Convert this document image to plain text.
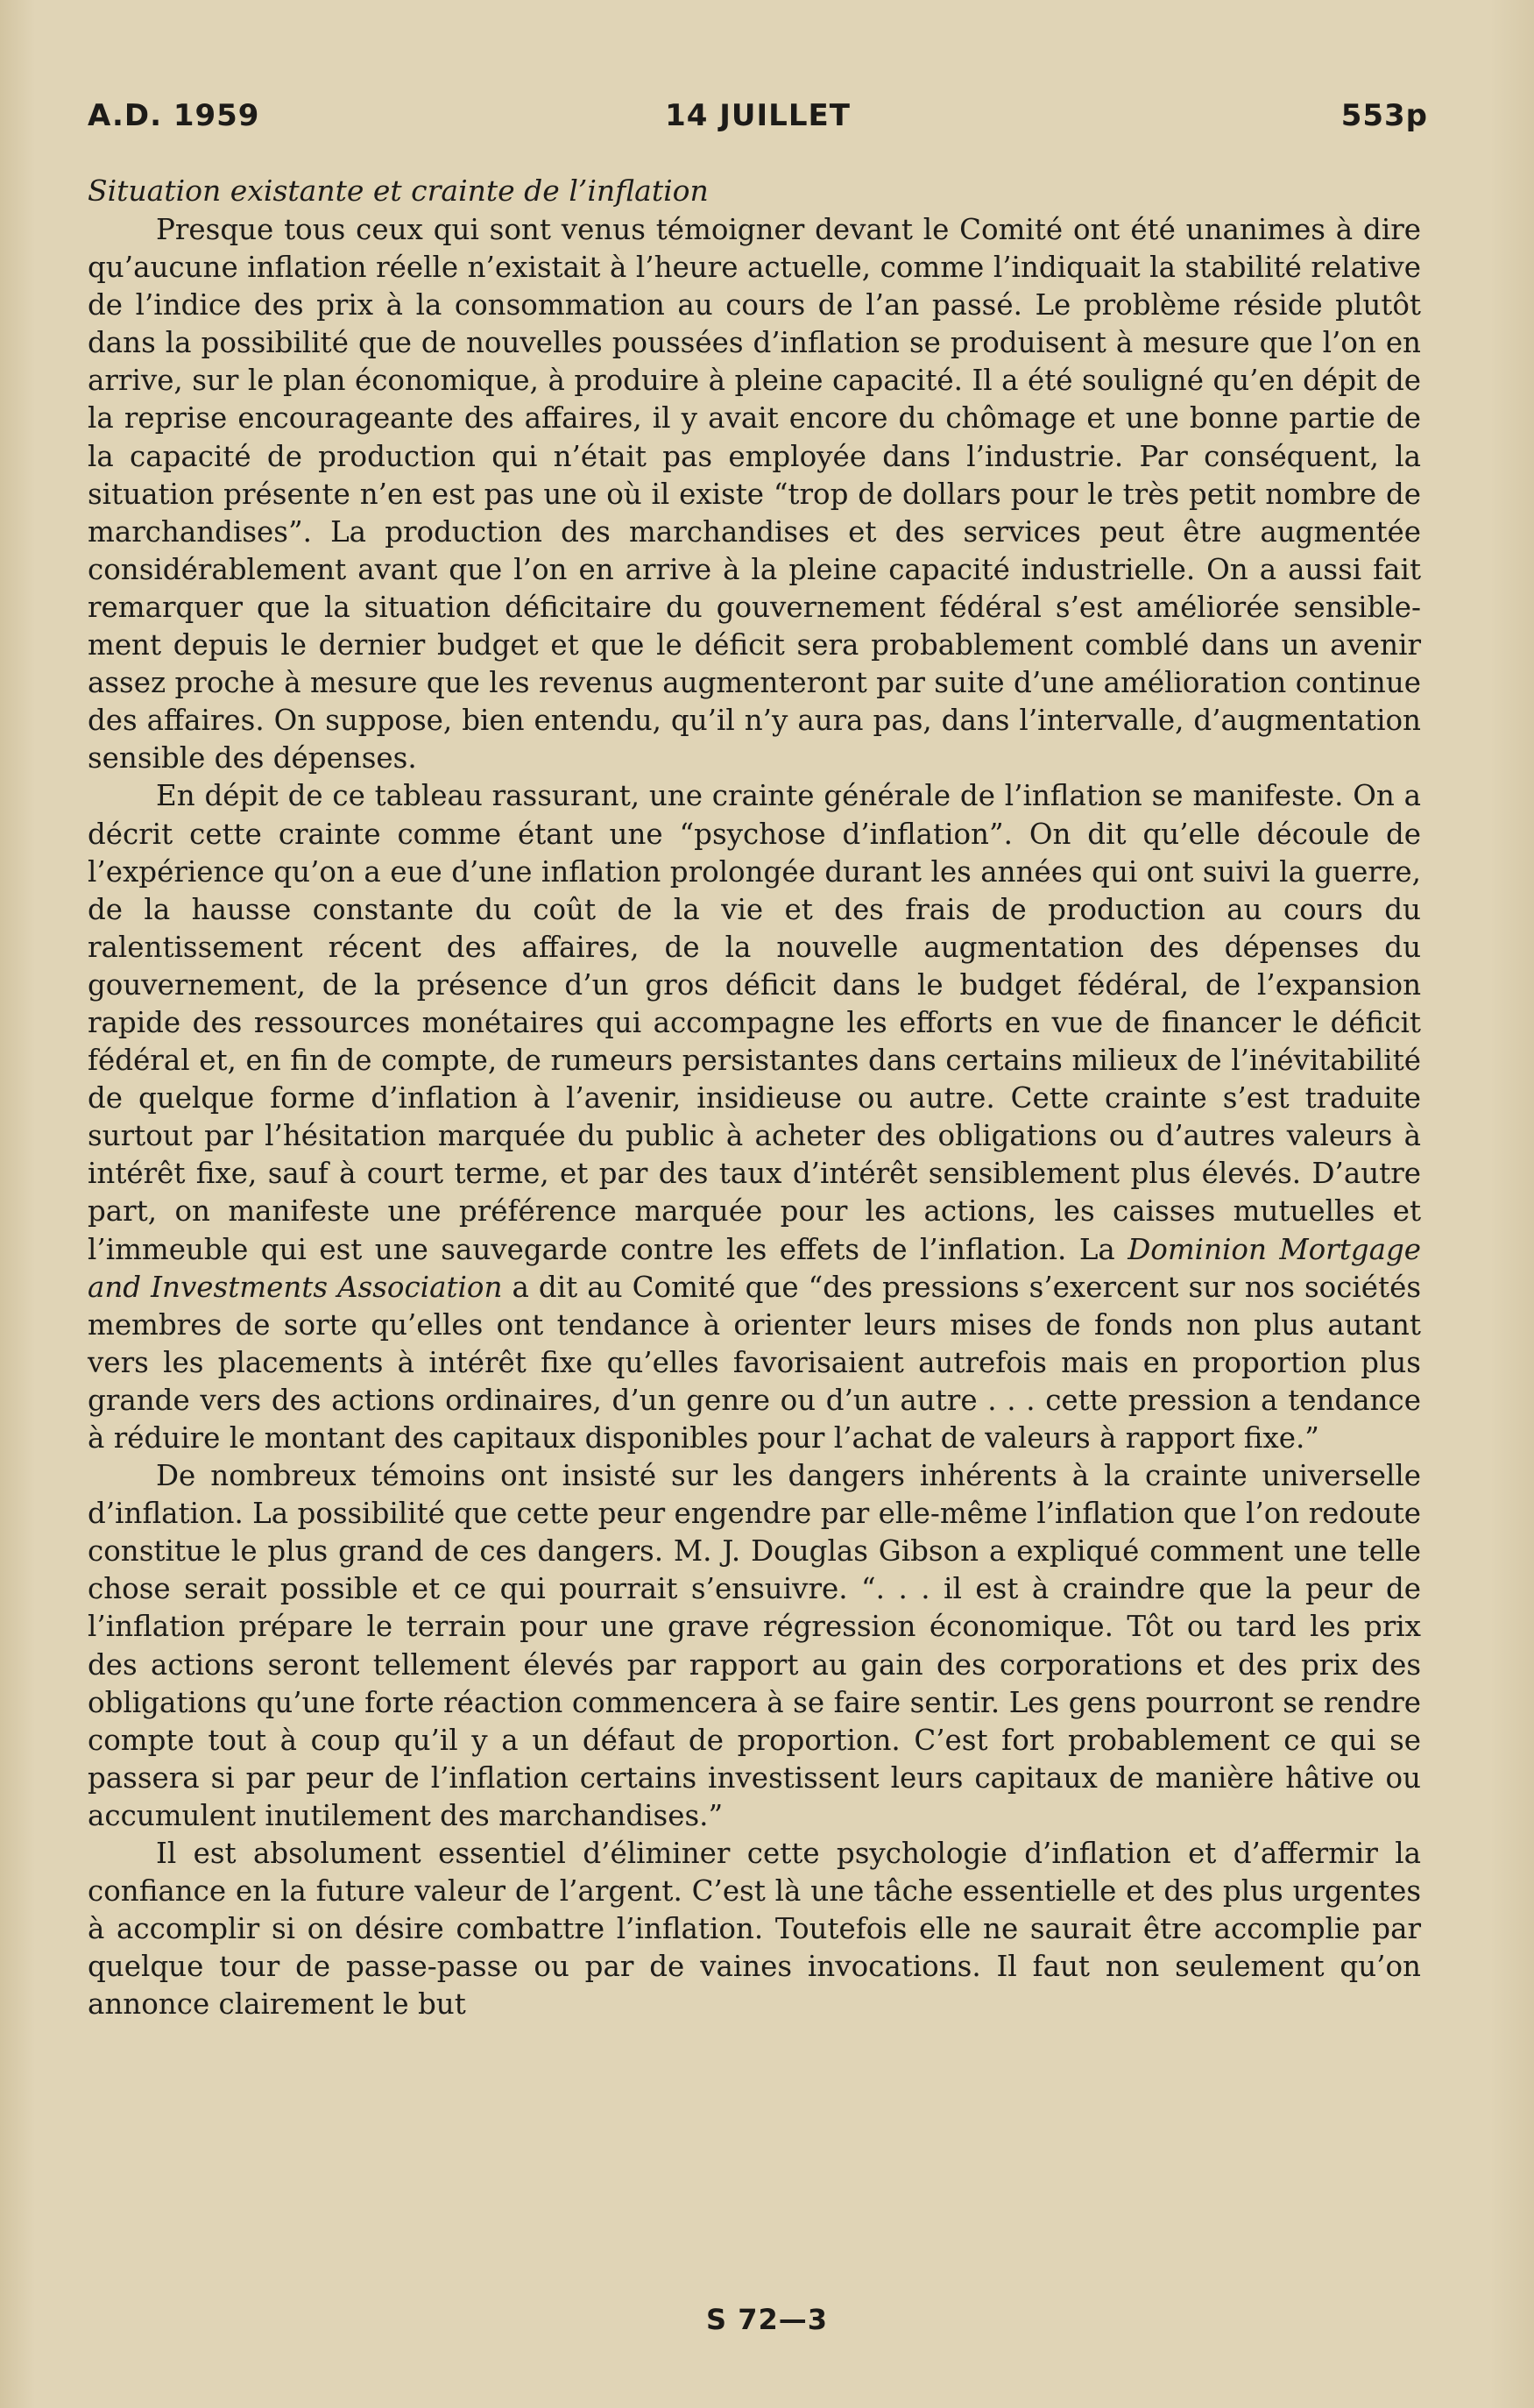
A.D. 1959	14 JUILLET	553p
Situation existante et crainte de l’inflation

Presque tous ceux qui sont venus témoigner devant le Comité ont été unanimes à dire qu’aucune inflation réelle n’existait à l’heure actuelle, comme l’indiquait la stabilité relative de l’indice des prix à la consommation au cours de l’an passé. Le problème réside plutôt dans la possibilité que de nouvelles poussées d’inflation se produisent à mesure que l’on en arrive, sur le plan économique, à produire à pleine capacité. Il a été souligné qu’en dépit de la reprise encourageante des affaires, il y avait encore du chômage et une bonne partie de la capacité de production qui n’était pas employée dans l’industrie. Par conséquent, la situation présente n’en est pas une où il existe “trop de dollars pour le très petit nombre de marchandises”. La production des marchandises et des services peut être augmentée considérablement avant que l’on en arrive à la pleine capacité industrielle. On a aussi fait remarquer que la situation déficitaire du gouvernement fédéral s’est améliorée sensiblement depuis le dernier budget et que le déficit sera probablement comblé dans un avenir assez proche à mesure que les revenus augmenteront par suite d’une amélioration continue des affaires. On suppose, bien entendu, qu’il n’y aura pas, dans l’intervalle, d’augmentation sensible des dépenses.

En dépit de ce tableau rassurant, une crainte générale de l’inflation se manifeste. On a décrit cette crainte comme étant une “psychose d’inflation”. On dit qu’elle découle de l’expérience qu’on a eue d’une inflation prolongée durant les années qui ont suivi la guerre, de la hausse constante du coût de la vie et des frais de production au cours du ralentissement récent des affaires, de la nouvelle augmentation des dépenses du gouvernement, de la présence d’un gros déficit dans le budget fédéral, de l’expansion rapide des ressources monétaires qui accompagne les efforts en vue de financer le déficit fédéral et, en fin de compte, de rumeurs persistantes dans certains milieux de l’inévitabilité de quelque forme d’inflation à l’avenir, insidieuse ou autre. Cette crainte s’est traduite surtout par l’hésitation marquée du public à acheter des obligations ou d’autres valeurs à intérêt fixe, sauf à court terme, et par des taux d’intérêt sensiblement plus élevés. D’autre part, on manifeste une préférence marquée pour les actions, les caisses mutuelles et l’immeuble qui est une sauvegarde contre les effets de l’inflation. La Dominion Mortgage and Investments Association a dit au Comité que “des pressions s’exercent sur nos sociétés membres de sorte qu’elles ont tendance à orienter leurs mises de fonds non plus autant vers les placements à intérêt fixe qu’elles favorisaient autrefois mais en proportion plus grande vers des actions ordinaires, d’un genre ou d’un autre . . . cette pression a tendance à réduire le montant des capitaux disponibles pour l’achat de valeurs à rapport fixe.”

De nombreux témoins ont insisté sur les dangers inhérents à la crainte universelle d’inflation. La possibilité que cette peur engendre par elle-même l’inflation que l’on redoute constitue le plus grand de ces dangers. M. J. Douglas Gibson a expliqué comment une telle chose serait possible et ce qui pourrait s’ensuivre. “. . . il est à craindre que la peur de l’inflation prépare le terrain pour une grave régression économique. Tôt ou tard les prix des actions seront tellement élevés par rapport au gain des corporations et des prix des obligations qu’une forte réaction commencera à se faire sentir. Les gens pourront se rendre compte tout à coup qu’il y a un défaut de proportion. C’est fort probablement ce qui se passera si par peur de l’inflation certains investissent leurs capitaux de manière hâtive ou accumulent inutilement des marchandises.”

Il est absolument essentiel d’éliminer cette psychologie d’inflation et d’affermir la confiance en la future valeur de l’argent. C’est là une tâche essentielle et des plus urgentes à accomplir si on désire combattre l’inflation. Toutefois elle ne saurait être accomplie par quelque tour de passe-passe ou par de vaines invocations. Il faut non seulement qu’on annonce clairement le but

S 72—3
